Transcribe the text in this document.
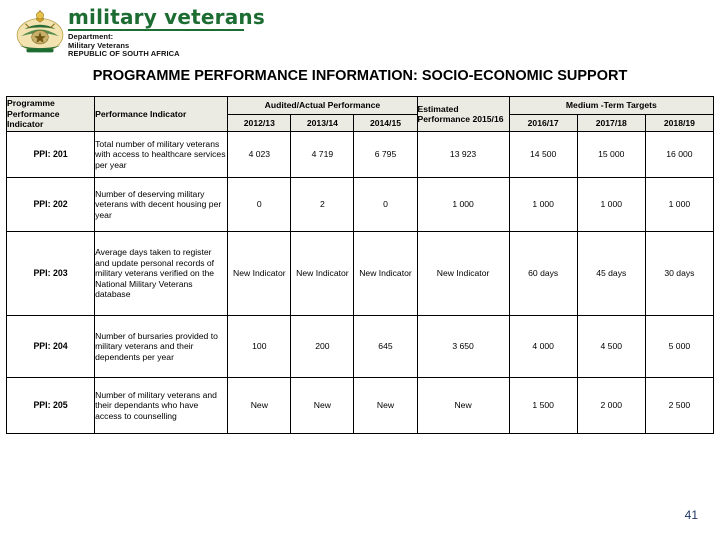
military veterans
Department:
Military Veterans
REPUBLIC OF SOUTH AFRICA
PROGRAMME PERFORMANCE INFORMATION: SOCIO-ECONOMIC SUPPORT
Programme Performance Indicator	Performance Indicator	Audited/Actual Performance			Estimated Performance 2015/16	Medium -Term Targets		
		2012/13	2013/14	2014/15		2016/17	2017/18	2018/19
PPI: 201	Total number of military veterans with access to healthcare services per year	4 023	4 719	6 795	13 923	14 500	15 000	16 000
PPI: 202	Number of deserving military veterans with decent housing per year	0	2	0	1 000	1 000	1 000	1 000
PPI: 203	Average days taken to register and update personal records of military veterans verified on the National Military Veterans database	New Indicator	New Indicator	New Indicator	New Indicator	60 days	45 days	30 days
PPI: 204	Number of bursaries provided to military veterans and their dependents per year	100	200	645	3 650	4 000	4 500	5 000
PPI: 205	Number of military veterans and their dependants who have access to counselling	New	New	New	New	1 500	2 000	2 500
41
